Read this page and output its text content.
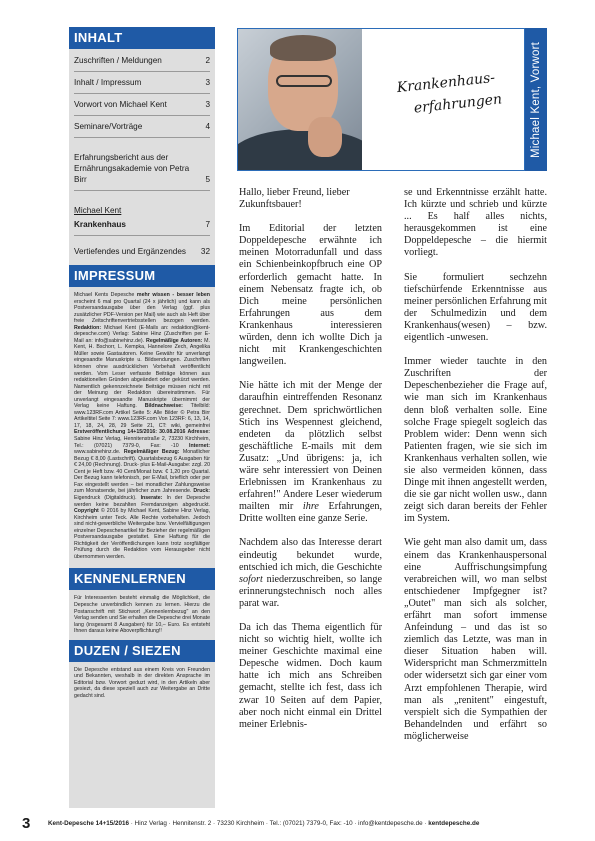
INHALT
Zuschriften / Meldungen	2
Inhalt / Impressum	3
Vorwort von Michael Kent	3
Seminare/Vorträge	4
Erfahrungsbericht aus der Ernährungsakademie von Petra Birr	5
Michael Kent
Krankenhaus	7
Vertiefendes und Ergänzendes 32
IMPRESSUM
Michael Kents Depesche mehr wissen - besser leben erscheint 6 mal pro Quartal (24 x jährlich) und kann als Postversandausgabe über den Verlag (ggf. plus zusätzlicher PDF-Version per Mail) wie auch als Heft über freie Zeitschriftenvertriebsstellen bezogen werden. Redaktion: Michael Kent (E-Mails an: redaktion@kent-depesche.com) Verlag: Sabine Hinz (Zuschriften per E-Mail an: info@sabinehinz.de). Regelmäßige Autoren: M. Kent, H. Bschorr, L. Kempka, Hannelore Zech, Angelika Müller sowie Gastautoren. Keine Gewähr für unverlangt eingesandte Manuskripte u. Bildsendungen. Zuschriften können ohne ausdrücklichen Vorbehalt veröffentlicht werden. Vom Leser verfasste Beiträge können aus redaktionellen Gründen abgeändert oder gekürzt werden. Namentlich gekennzeichnete Beiträge müssen nicht mit der Meinung der Redaktion übereinstimmen. Für unverlangt eingesandte Manuskripte übernimmt der Verlag keine Haftung. Bildnachweise: Titelbild: www.123RF.com Artikel Seite 5: Alle Bilder © Petra Birr Artikeltitel Seite 7: www.123RF.com Von 123RF: 6, 13, 14, 17, 18, 24, 28, 29 Seite 21, CT: wiki, gemeinfrei Erstveröffentlichung 14+15/2016: 30.08.2016 Adresse: Sabine Hinz Verlag, Hennitenstraße 2, 73230 Kirchheim, Tel.: (07021) 7379-0, Fax: -10 Internet: www.sabinehinz.de. Regelmäßiger Bezug: Monatlicher Bezug € 8,00 (Lastschrift). Quartalsbezug 6 Ausgaben für € 24,00 (Rechnung). Druck- plus E-Mail-Ausgabe: zzgl. 20 Cent je Heft bzw. 40 Cent/Monat bzw. € 1,20 pro Quartal. Der Bezug kann telefonisch, per E-Mail, brieflich oder per Fax eingestellt werden – bei monatlicher Zahlungsweise zum Monatsende, bei jährlicher zum Jahresende. Druck: Eigendruck (Digitaldruck). Inserate: In der Depesche werden keine bezahlten Fremdanzeigen abgedruckt. Copyright © 2016 by Michael Kent, Sabine Hinz Verlag, Kirchheim unter Teck. Alle Rechte vorbehalten. Jedoch sind nicht-gewerbliche Weitergabe bzw. Vervielfältigungen einzelner Depeschenartikel für Bezieher der regelmäßigen Postversandausgabe gestattet. Eine Haftung für die Richtigkeit der Veröffentlichungen kann trotz sorgfältiger Prüfung durch die Redaktion vom Herausgeber nicht übernommen werden.
KENNENLERNEN
Für Interessenten besteht einmalig die Möglichkeit, die Depesche unverbindlich kennen zu lernen. Hierzu die Postanschrift mit Stichwort „Kennenlernbezug" an den Verlag senden und Sie erhalten die Depesche drei Monate lang (insgesamt 8 Ausgaben) für 10,– Euro. Es entsteht Ihnen daraus keine Aboverpflichtung!!
DUZEN / SIEZEN
Die Depesche entstand aus einem Kreis von Freunden und Bekannten, weshalb in der direkten Ansprache im Editorial bzw. Vorwort geduzt wird, in den Artikeln aber gesiezt, da diese speziell auch zur Weitergabe an Dritte gedacht sind.
Krankenhaus-
erfahrungen	Michael Kent, Vorwort

Hallo, lieber Freund, lieber Zukunftsbauer!

Im Editorial der letzten Doppeldepesche erwähnte ich meinen Motorradunfall und dass ein Schienbeinkopfbruch eine OP erforderlich gemacht hatte. In einem Nebensatz fragte ich, ob Dich meine persönlichen Erfahrungen aus dem Krankenhaus interessieren würden, denn ich wollte Dich ja nicht mit Krankengeschichten langweilen.

Nie hätte ich mit der Menge der daraufhin eintreffenden Resonanz gerechnet. Dem sprichwörtlichen Stich ins Wespennest gleichend, endeten da plötzlich selbst geschäftliche E-mails mit dem Zusatz: „Und übrigens: ja, ich wäre sehr interessiert von Deinen Erlebnissen im Krankenhaus zu erfahren!" Andere Leser wiederum mailten mir ihre Erfahrungen, Dritte wollten eine ganze Serie.

Nachdem also das Interesse derart eindeutig bekundet wurde, entschied ich mich, die Geschichte sofort niederzuschreiben, so lange erinnerungstechnisch noch alles parat war.

Da ich das Thema eigentlich für nicht so wichtig hielt, wollte ich meiner Geschichte maximal eine Depesche widmen. Doch kaum hatte ich mich ans Schreiben gemacht, stellte ich fest, dass ich zwar 10 Seiten auf dem Papier, aber noch nicht einmal ein Drittel meiner Erlebnis-

se und Erkenntnisse erzählt hatte. Ich kürzte und schrieb und kürzte ... Es half alles nichts, herausgekommen ist eine Doppeldepesche – die hiermit vorliegt.

Sie formuliert sechzehn tiefschürfende Erkenntnisse aus meiner persönlichen Erfahrung mit der Schulmedizin und dem Krankenhaus(wesen) – bzw. eigentlich -unwesen.

Immer wieder tauchte in den Zuschriften der Depeschenbezieher die Frage auf, wie man sich im Krankenhaus denn bloß verhalten solle. Eine solche Frage spiegelt sogleich das Problem wider: Denn wenn sich Patienten fragen, wie sie sich im Krankenhaus verhalten sollen, wie sie also vermeiden können, dass Dinge mit ihnen angestellt werden, die sie gar nicht wollen usw., dann zeigt sich daran bereits der Fehler im System.

Wie geht man also damit um, dass einem das Krankenhauspersonal eine Auffrischungsimpfung verabreichen will, wo man selbst entschiedener Impfgegner ist? „Outet" man sich als solcher, erfährt man sofort immense Anfeindung – und das ist so ziemlich das Letzte, was man in dieser Situation haben will. Widerspricht man Schmerzmitteln oder widersetzt sich gar einer vom Arzt empfohlenen Therapie, wird man als „renitent" eingestuft, verspielt sich die Sympathien der Behandelnden und erfährt so möglicherweise

3	Kent-Depesche 14+15/2016 · Hinz Verlag · Hennitenstr. 2 · 73230 Kirchheim · Tel.: (07021) 7379-0, Fax: -10 · info@kentdepesche.de · kentdepesche.de
